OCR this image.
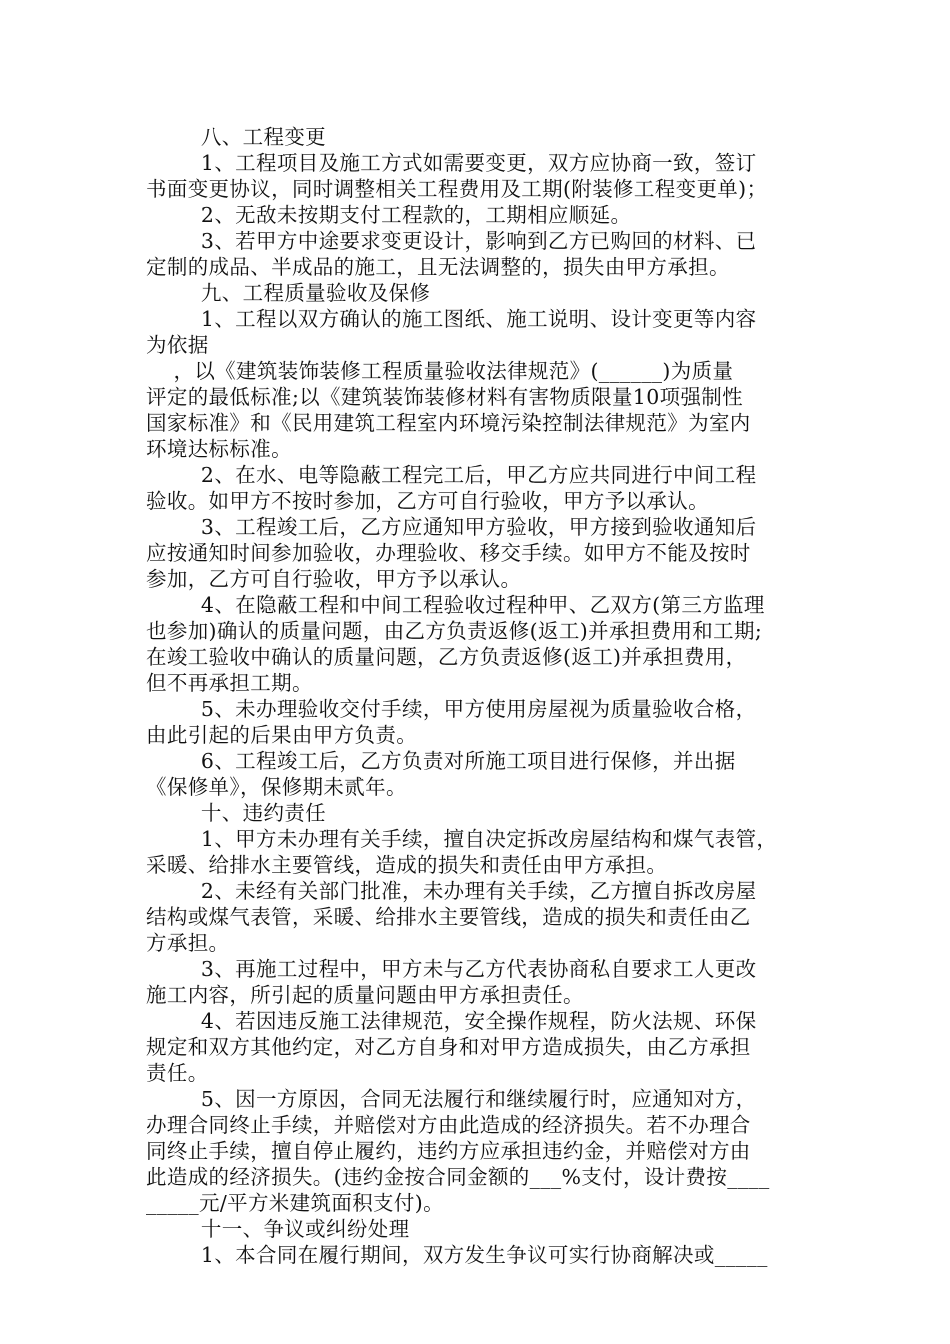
八、工程变更
1、工程项目及施工方式如需要变更，双方应协商一致，签订
书面变更协议，同时调整相关工程费用及工期(附装修工程变更单)；
2、无敌未按期支付工程款的，工期相应顺延。
3、若甲方中途要求变更设计，影响到乙方已购回的材料、已
定制的成品、半成品的施工，且无法调整的，损失由甲方承担。
九、工程质量验收及保修
1、工程以双方确认的施工图纸、施工说明、设计变更等内容
为依据
，以《建筑装饰装修工程质量验收法律规范》(______)为质量
评定的最低标准;以《建筑装饰装修材料有害物质限量10项强制性
国家标准》和《民用建筑工程室内环境污染控制法律规范》为室内
环境达标标准。
2、在水、电等隐蔽工程完工后，甲乙方应共同进行中间工程
验收。如甲方不按时参加，乙方可自行验收，甲方予以承认。
3、工程竣工后，乙方应通知甲方验收，甲方接到验收通知后
应按通知时间参加验收，办理验收、移交手续。如甲方不能及按时
参加，乙方可自行验收，甲方予以承认。
4、在隐蔽工程和中间工程验收过程种甲、乙双方(第三方监理
也参加)确认的质量问题，由乙方负责返修(返工)并承担费用和工期;
在竣工验收中确认的质量问题，乙方负责返修(返工)并承担费用，
但不再承担工期。
5、未办理验收交付手续，甲方使用房屋视为质量验收合格，
由此引起的后果由甲方负责。
6、工程竣工后，乙方负责对所施工项目进行保修，并出据
《保修单》，保修期未贰年。
十、违约责任
1、甲方未办理有关手续，擅自决定拆改房屋结构和煤气表管，
采暖、给排水主要管线，造成的损失和责任由甲方承担。
2、未经有关部门批准，未办理有关手续，乙方擅自拆改房屋
结构或煤气表管，采暖、给排水主要管线，造成的损失和责任由乙
方承担。
3、再施工过程中，甲方未与乙方代表协商私自要求工人更改
施工内容，所引起的质量问题由甲方承担责任。
4、若因违反施工法律规范，安全操作规程，防火法规、环保
规定和双方其他约定，对乙方自身和对甲方造成损失，由乙方承担
责任。
5、因一方原因，合同无法履行和继续履行时，应通知对方，
办理合同终止手续，并赔偿对方由此造成的经济损失。若不办理合
同终止手续，擅自停止履约，违约方应承担违约金，并赔偿对方由
此造成的经济损失。(违约金按合同金额的___%支付，设计费按____
_____元/平方米建筑面积支付)。
十一、争议或纠纷处理
1、本合同在履行期间，双方发生争议可实行协商解决或_____
